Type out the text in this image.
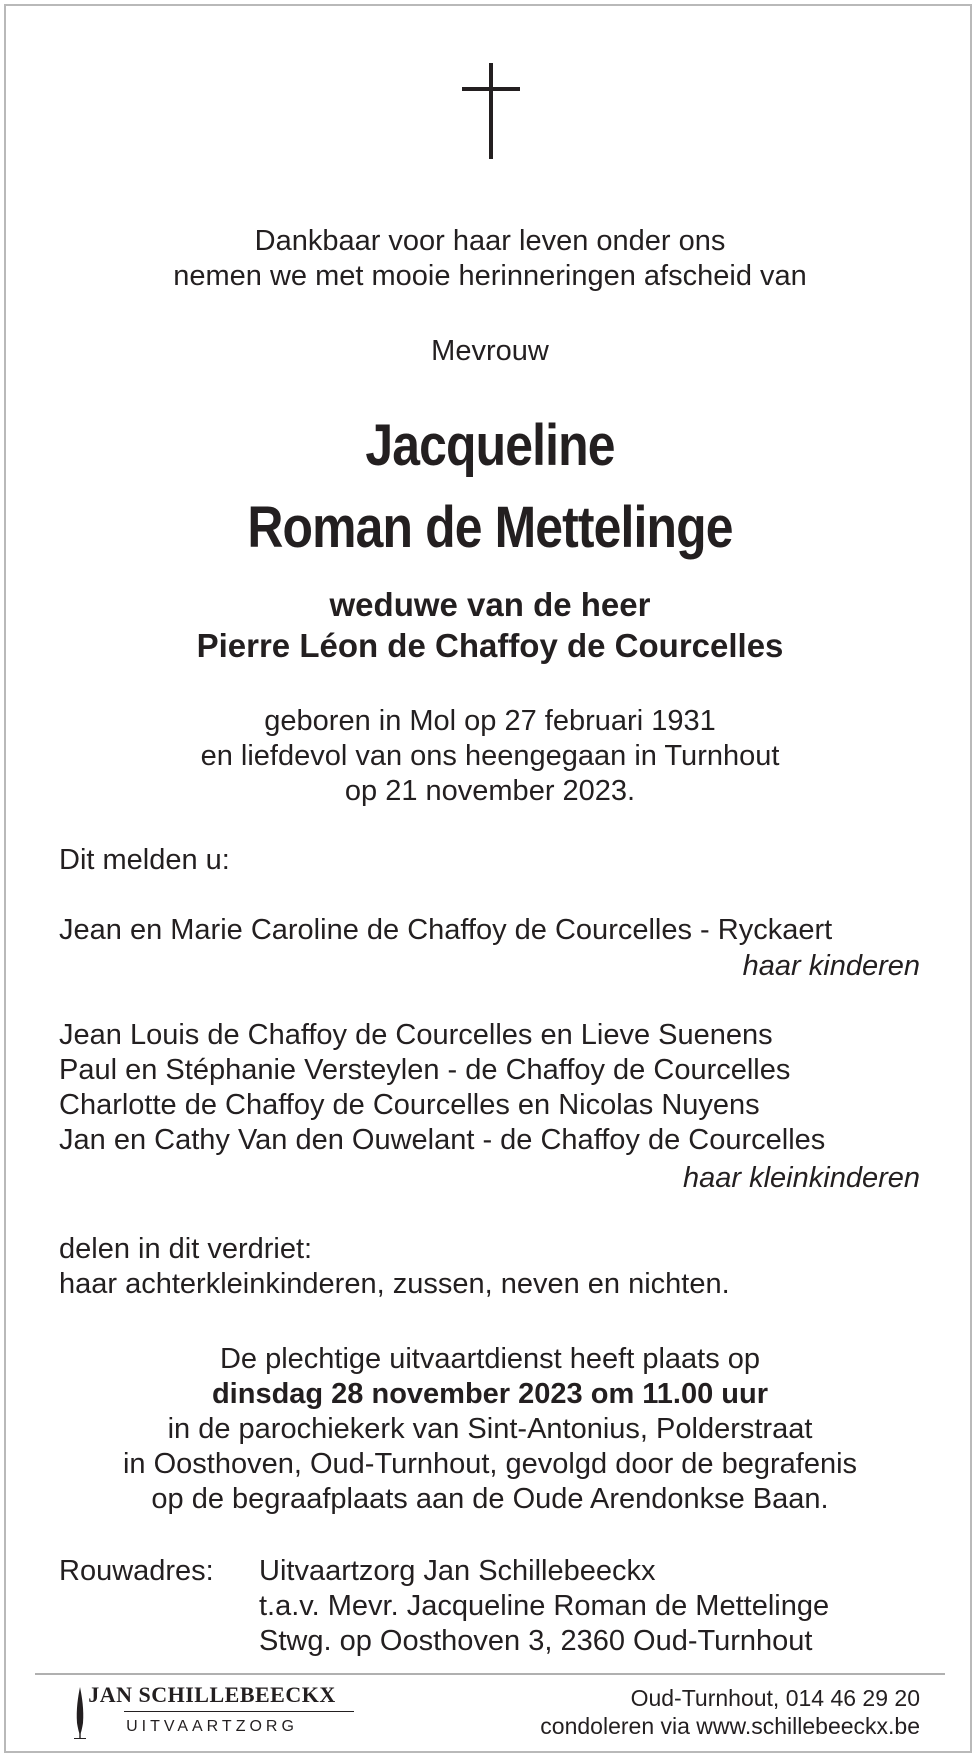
Dankbaar voor haar leven onder ons
nemen we met mooie herinneringen afscheid van
Mevrouw
Jacqueline
Roman de Mettelinge
weduwe van de heer
Pierre Léon de Chaffoy de Courcelles
geboren in Mol op 27 februari 1931
en liefdevol van ons heengegaan in Turnhout
op 21 november 2023.
Dit melden u:
Jean en Marie Caroline de Chaffoy de Courcelles - Ryckaert
haar kinderen
Jean Louis de Chaffoy de Courcelles en Lieve Suenens
Paul en Stéphanie Versteylen - de Chaffoy de Courcelles
Charlotte de Chaffoy de Courcelles en Nicolas Nuyens
Jan en Cathy Van den Ouwelant - de Chaffoy de Courcelles
haar kleinkinderen
delen in dit verdriet:
haar achterkleinkinderen, zussen, neven en nichten.
De plechtige uitvaartdienst heeft plaats op
dinsdag 28 november 2023 om 11.00 uur
in de parochiekerk van Sint-Antonius, Polderstraat
in Oosthoven, Oud-Turnhout, gevolgd door de begrafenis
op de begraafplaats aan de Oude Arendonkse Baan.
Rouwadres: Uitvaartzorg Jan Schillebeeckx
t.a.v. Mevr. Jacqueline Roman de Mettelinge
Stwg. op Oosthoven 3, 2360 Oud-Turnhout
JAN SCHILLEBEECKX
UITVAARTZORG
Oud-Turnhout, 014 46 29 20
condoleren via www.schillebeeckx.be
